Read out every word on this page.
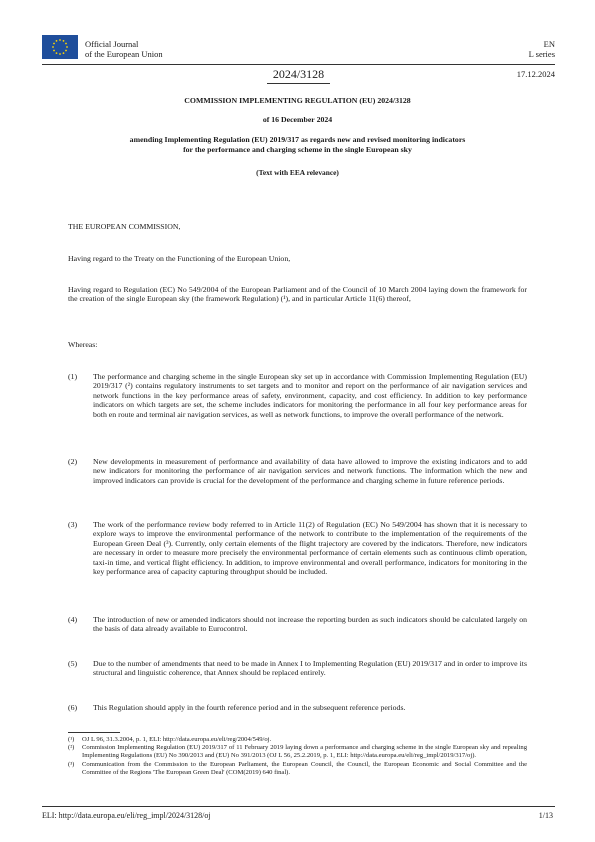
Official Journal
of the European Union
EN
L series
2024/3128	17.12.2024

COMMISSION IMPLEMENTING REGULATION (EU) 2024/3128

of 16 December 2024

amending Implementing Regulation (EU) 2019/317 as regards new and revised monitoring indicators
for the performance and charging scheme in the single European sky

(Text with EEA relevance)

THE EUROPEAN COMMISSION,
Having regard to the Treaty on the Functioning of the European Union,
Having regard to Regulation (EC) No 549/2004 of the European Parliament and of the Council of 10 March 2004 laying down the framework for the creation of the single European sky (the framework Regulation) (¹), and in particular Article 11(6) thereof,
Whereas:
(1) The performance and charging scheme in the single European sky set up in accordance with Commission Implementing Regulation (EU) 2019/317 (²) contains regulatory instruments to set targets and to monitor and report on the performance of air navigation services and network functions in the key performance areas of safety, environment, capacity, and cost efficiency. In addition to key performance indicators on which targets are set, the scheme includes indicators for monitoring the performance in all four key performance areas for both en route and terminal air navigation services, as well as network functions, to improve the overall performance of the network.
(2) New developments in measurement of performance and availability of data have allowed to improve the existing indicators and to add new indicators for monitoring the performance of air navigation services and network functions. The information which the new and improved indicators can provide is crucial for the development of the performance and charging scheme in future reference periods.
(3) The work of the performance review body referred to in Article 11(2) of Regulation (EC) No 549/2004 has shown that it is necessary to explore ways to improve the environmental performance of the network to contribute to the implementation of the requirements of the European Green Deal (³). Currently, only certain elements of the flight trajectory are covered by the indicators. Therefore, new indicators are necessary in order to measure more precisely the environmental performance of certain elements such as continuous climb operation, taxi-in time, and vertical flight efficiency. In addition, to improve environmental and overall performance, indicators for monitoring in the key performance area of capacity capturing throughput should be included.
(4) The introduction of new or amended indicators should not increase the reporting burden as such indicators should be calculated largely on the basis of data already available to Eurocontrol.
(5) Due to the number of amendments that need to be made in Annex I to Implementing Regulation (EU) 2019/317 and in order to improve its structural and linguistic coherence, that Annex should be replaced entirely.
(6) This Regulation should apply in the fourth reference period and in the subsequent reference periods.
(¹) OJ L 96, 31.3.2004, p. 1, ELI: http://data.europa.eu/eli/reg/2004/549/oj.
(²) Commission Implementing Regulation (EU) 2019/317 of 11 February 2019 laying down a performance and charging scheme in the single European sky and repealing Implementing Regulations (EU) No 390/2013 and (EU) No 391/2013 (OJ L 56, 25.2.2019, p. 1, ELI: http://data.europa.eu/eli/reg_impl/2019/317/oj).
(³) Communication from the Commission to the European Parliament, the European Council, the Council, the European Economic and Social Committee and the Committee of the Regions 'The European Green Deal' (COM(2019) 640 final).
ELI: http://data.europa.eu/eli/reg_impl/2024/3128/oj	1/13
